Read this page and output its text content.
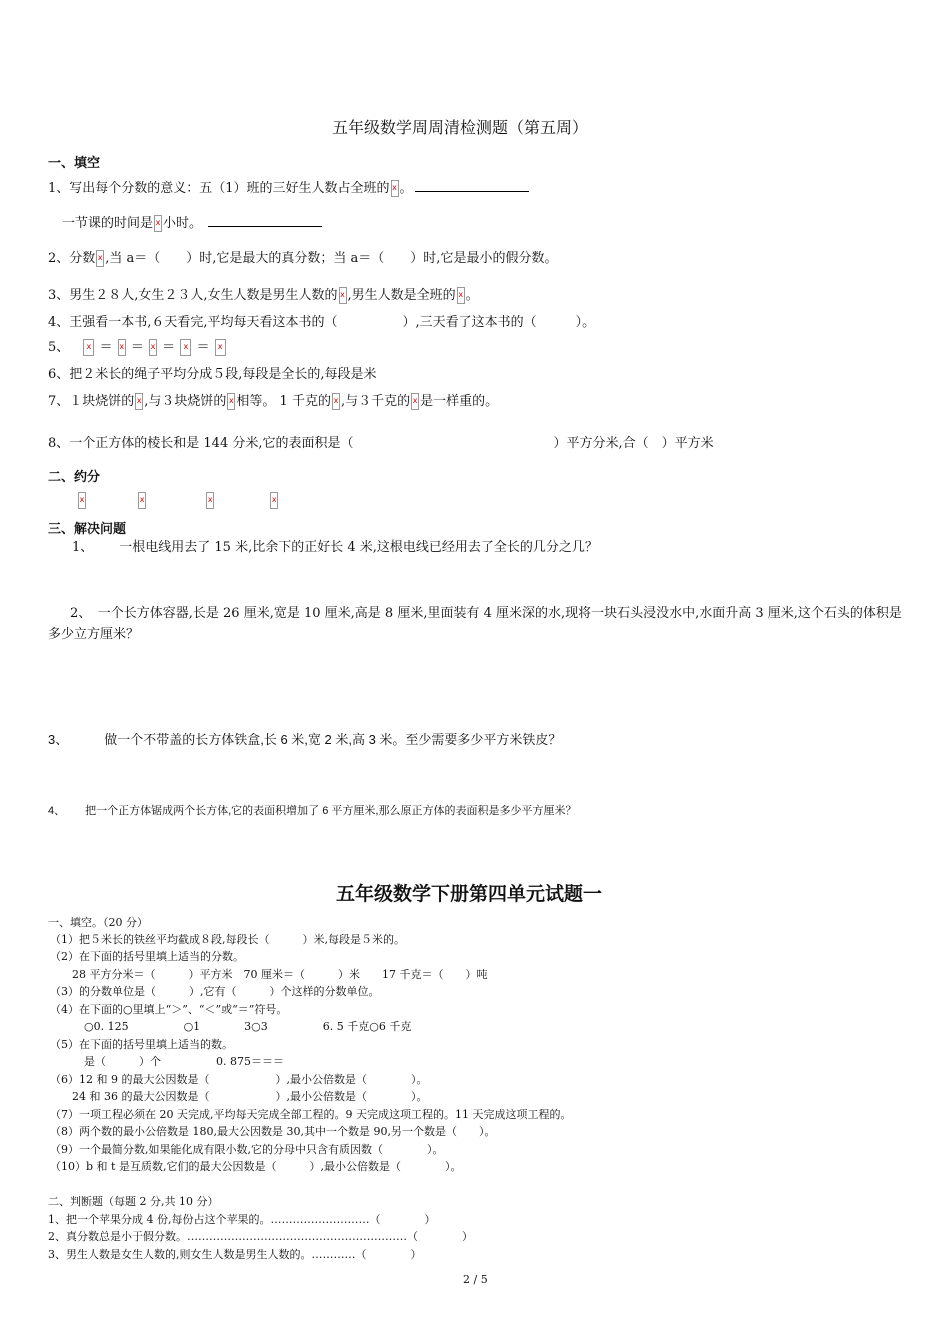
五年级数学周周清检测题（第五周）
一、填空
1、写出每个分数的意义：五（1）班的三好生人数占全班的 x 。
一节课的时间是 x 小时。
2、分数 x ,当 a＝（　　）时,它是最大的真分数；当 a＝（　　）时,它是最小的假分数。
3、男生２８人,女生２３人,女生人数是男生人数的 x ,男生人数是全班的 x 。
4、王强看一本书,６天看完,平均每天看这本书的（　　　　　）,三天看了这本书的（　　　）。
5、 x ＝ x ＝ x ＝ x ＝ x
6、把２米长的绳子平均分成５段,每段是全长的,每段是米
7、１块烧饼的 x ,与３块烧饼的 x 相等。 1 千克的 x ,与３千克的 x 是一样重的。
8、一个正方体的棱长和是 144 分米,它的表面积是（	）平方分米,合（　）平方米
二、约分
x x x x
三、解决问题
1、 一根电线用去了 15 米,比余下的正好长 4 米,这根电线已经用去了全长的几分之几？
2、　一个长方体容器,长是 26 厘米,宽是 10 厘米,高是 8 厘米,里面装有 4 厘米深的水,现将一块石头浸没水中,水面升高 3 厘米,这个石头的体积是多少立方厘米？
3、	做一个不带盖的长方体铁盒,长 6 米,宽 2 米,高 3 米。至少需要多少平方米铁皮？
4、 把一个正方体锯成两个长方体,它的表面积增加了 6 平方厘米,那么原正方体的表面积是多少平方厘米？
五年级数学下册第四单元试题一
一、填空。（20 分）
（1）把５米长的铁丝平均截成８段,每段长（　　　）米,每段是５米的。
（2）在下面的括号里填上适当的分数。
28 平方分米＝（　　　）平方米　70 厘米＝（　　　）米　　17 千克＝（　　）吨
（3）的分数单位是（　　　）,它有（　　　）个这样的分数单位。
（4）在下面的○里填上“＞”、“＜”或“＝”符号。
○0. 125　　　　　○1　　　　3○3　　　　　6. 5 千克○6 千克
（5）在下面的括号里填上适当的数。
是（　　　）个　　　　　0. 875＝＝＝
（6）12 和 9 的最大公因数是（　　　　　　）,最小公倍数是（　　　　）。
24 和 36 的最大公因数是（　　　　　　）,最小公倍数是（　　　　）。
（7）一项工程必须在 20 天完成,平均每天完成全部工程的。9 天完成这项工程的。11 天完成这项工程的。
（8）两个数的最小公倍数是 180,最大公因数是 30,其中一个数是 90,另一个数是（　　）。
（9）一个最简分数,如果能化成有限小数,它的分母中只含有质因数（　　　　）。
（10）b 和 t 是互质数,它们的最大公因数是（　　　）,最小公倍数是（　　　　）。
二、判断题（每题 2 分,共 10 分）
1、把一个苹果分成 4 份,每份占这个苹果的。………………………（　　　　）
2、真分数总是小于假分数。……………………………………………………（　　　　）
3、男生人数是女生人数的,则女生人数是男生人数的。…………（　　　　）
2 / 5
